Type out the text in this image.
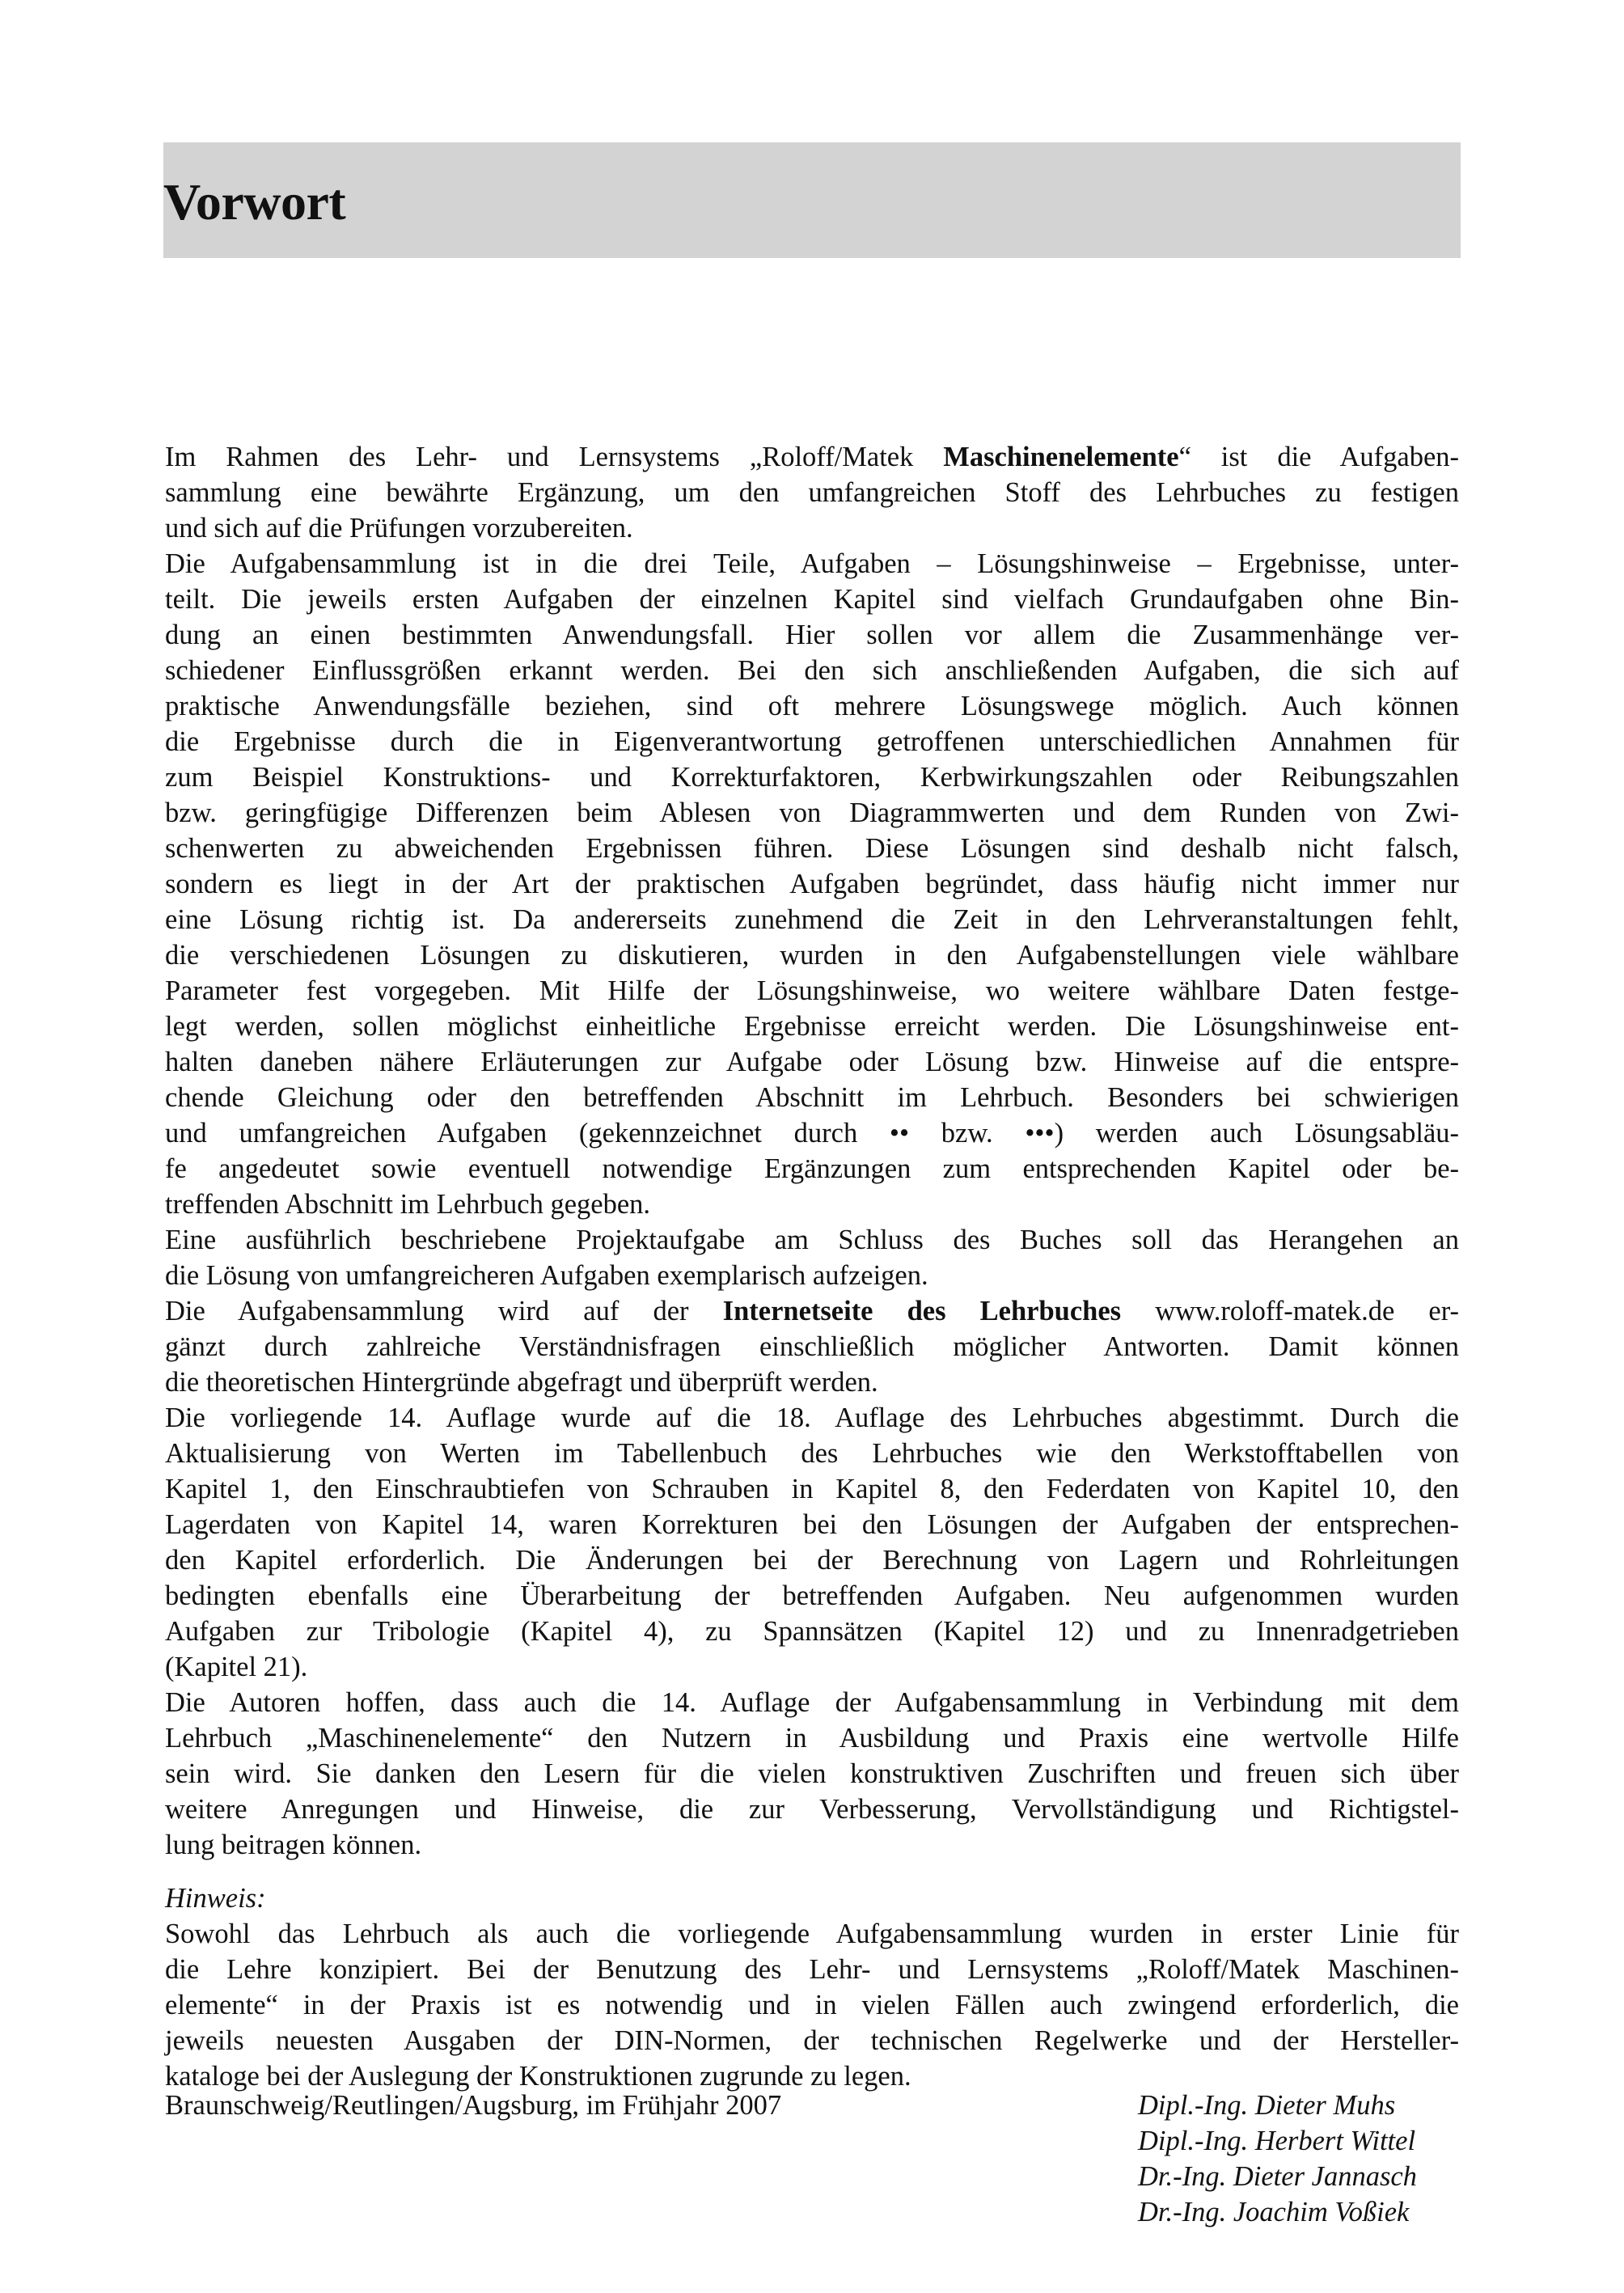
Vorwort
Im Rahmen des Lehr- und Lernsystems „Roloff/Matek Maschinenelemente“ ist die Aufgaben-
sammlung eine bewährte Ergänzung, um den umfangreichen Stoff des Lehrbuches zu festigen
und sich auf die Prüfungen vorzubereiten.
Die Aufgabensammlung ist in die drei Teile, Aufgaben – Lösungshinweise – Ergebnisse, unter-
teilt. Die jeweils ersten Aufgaben der einzelnen Kapitel sind vielfach Grundaufgaben ohne Bin-
dung an einen bestimmten Anwendungsfall. Hier sollen vor allem die Zusammenhänge ver-
schiedener Einflussgrößen erkannt werden. Bei den sich anschließenden Aufgaben, die sich auf
praktische Anwendungsfälle beziehen, sind oft mehrere Lösungswege möglich. Auch können
die Ergebnisse durch die in Eigenverantwortung getroffenen unterschiedlichen Annahmen für
zum Beispiel Konstruktions- und Korrekturfaktoren, Kerbwirkungszahlen oder Reibungszahlen
bzw. geringfügige Differenzen beim Ablesen von Diagrammwerten und dem Runden von Zwi-
schenwerten zu abweichenden Ergebnissen führen. Diese Lösungen sind deshalb nicht falsch,
sondern es liegt in der Art der praktischen Aufgaben begründet, dass häufig nicht immer nur
eine Lösung richtig ist. Da andererseits zunehmend die Zeit in den Lehrveranstaltungen fehlt,
die verschiedenen Lösungen zu diskutieren, wurden in den Aufgabenstellungen viele wählbare
Parameter fest vorgegeben. Mit Hilfe der Lösungshinweise, wo weitere wählbare Daten festge-
legt werden, sollen möglichst einheitliche Ergebnisse erreicht werden. Die Lösungshinweise ent-
halten daneben nähere Erläuterungen zur Aufgabe oder Lösung bzw. Hinweise auf die entspre-
chende Gleichung oder den betreffenden Abschnitt im Lehrbuch. Besonders bei schwierigen
und umfangreichen Aufgaben (gekennzeichnet durch •• bzw. •••) werden auch Lösungsabläu-
fe angedeutet sowie eventuell notwendige Ergänzungen zum entsprechenden Kapitel oder be-
treffenden Abschnitt im Lehrbuch gegeben.
Eine ausführlich beschriebene Projektaufgabe am Schluss des Buches soll das Herangehen an
die Lösung von umfangreicheren Aufgaben exemplarisch aufzeigen.
Die Aufgabensammlung wird auf der Internetseite des Lehrbuches www.roloff-matek.de er-
gänzt durch zahlreiche Verständnisfragen einschließlich möglicher Antworten. Damit können
die theoretischen Hintergründe abgefragt und überprüft werden.
Die vorliegende 14. Auflage wurde auf die 18. Auflage des Lehrbuches abgestimmt. Durch die
Aktualisierung von Werten im Tabellenbuch des Lehrbuches wie den Werkstofftabellen von
Kapitel 1, den Einschraubtiefen von Schrauben in Kapitel 8, den Federdaten von Kapitel 10, den
Lagerdaten von Kapitel 14, waren Korrekturen bei den Lösungen der Aufgaben der entsprechen-
den Kapitel erforderlich. Die Änderungen bei der Berechnung von Lagern und Rohrleitungen
bedingten ebenfalls eine Überarbeitung der betreffenden Aufgaben. Neu aufgenommen wurden
Aufgaben zur Tribologie (Kapitel 4), zu Spannsätzen (Kapitel 12) und zu Innenradgetrieben
(Kapitel 21).
Die Autoren hoffen, dass auch die 14. Auflage der Aufgabensammlung in Verbindung mit dem
Lehrbuch „Maschinenelemente“ den Nutzern in Ausbildung und Praxis eine wertvolle Hilfe
sein wird. Sie danken den Lesern für die vielen konstruktiven Zuschriften und freuen sich über
weitere Anregungen und Hinweise, die zur Verbesserung, Vervollständigung und Richtigstel-
lung beitragen können.
Hinweis:
Sowohl das Lehrbuch als auch die vorliegende Aufgabensammlung wurden in erster Linie für
die Lehre konzipiert. Bei der Benutzung des Lehr- und Lernsystems „Roloff/Matek Maschinen-
elemente“ in der Praxis ist es notwendig und in vielen Fällen auch zwingend erforderlich, die
jeweils neuesten Ausgaben der DIN-Normen, der technischen Regelwerke und der Hersteller-
kataloge bei der Auslegung der Konstruktionen zugrunde zu legen.
Braunschweig/Reutlingen/Augsburg, im Frühjahr 2007	Dipl.-Ing. Dieter Muhs
Dipl.-Ing. Herbert Wittel
Dr.-Ing. Dieter Jannasch
Dr.-Ing. Joachim Voßiek
